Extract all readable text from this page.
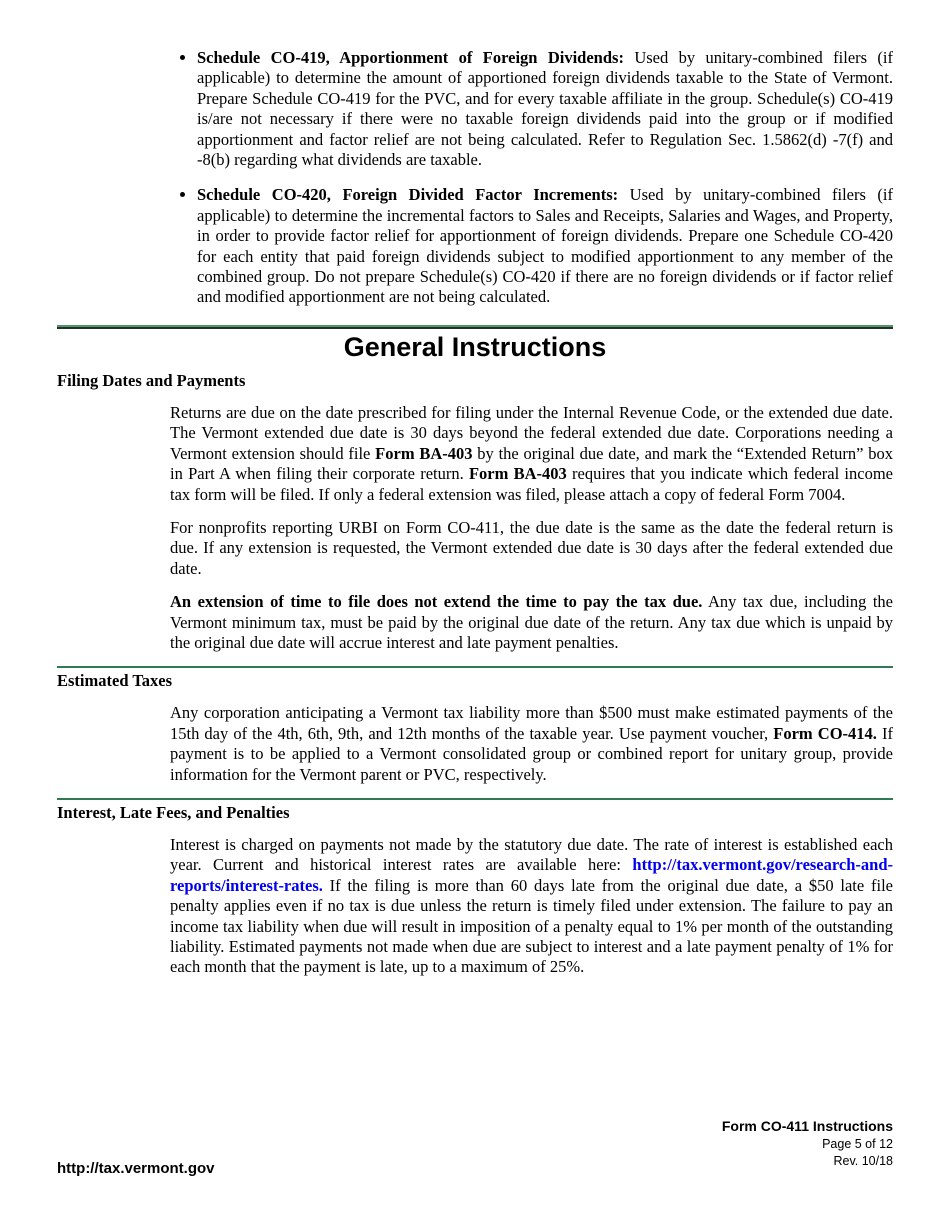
• Schedule CO-419, Apportionment of Foreign Dividends: Used by unitary-combined filers (if applicable) to determine the amount of apportioned foreign dividends taxable to the State of Vermont. Prepare Schedule CO-419 for the PVC, and for every taxable affiliate in the group. Schedule(s) CO-419 is/are not necessary if there were no taxable foreign dividends paid into the group or if modified apportionment and factor relief are not being calculated. Refer to Regulation Sec. 1.5862(d) -7(f) and -8(b) regarding what dividends are taxable.
• Schedule CO-420, Foreign Divided Factor Increments: Used by unitary-combined filers (if applicable) to determine the incremental factors to Sales and Receipts, Salaries and Wages, and Property, in order to provide factor relief for apportionment of foreign dividends. Prepare one Schedule CO-420 for each entity that paid foreign dividends subject to modified apportionment to any member of the combined group. Do not prepare Schedule(s) CO-420 if there are no foreign dividends or if factor relief and modified apportionment are not being calculated.
General Instructions
Filing Dates and Payments

Returns are due on the date prescribed for filing under the Internal Revenue Code, or the extended due date. The Vermont extended due date is 30 days beyond the federal extended due date. Corporations needing a Vermont extension should file Form BA-403 by the original due date, and mark the “Extended Return” box in Part A when filing their corporate return. Form BA-403 requires that you indicate which federal income tax form will be filed. If only a federal extension was filed, please attach a copy of federal Form 7004.

For nonprofits reporting URBI on Form CO-411, the due date is the same as the date the federal return is due. If any extension is requested, the Vermont extended due date is 30 days after the federal extended due date.

An extension of time to file does not extend the time to pay the tax due. Any tax due, including the Vermont minimum tax, must be paid by the original due date of the return. Any tax due which is unpaid by the original due date will accrue interest and late payment penalties.

Estimated Taxes

Any corporation anticipating a Vermont tax liability more than $500 must make estimated payments of the 15th day of the 4th, 6th, 9th, and 12th months of the taxable year. Use payment voucher, Form CO-414. If payment is to be applied to a Vermont consolidated group or combined report for unitary group, provide information for the Vermont parent or PVC, respectively.

Interest, Late Fees, and Penalties

Interest is charged on payments not made by the statutory due date. The rate of interest is established each year. Current and historical interest rates are available here: http://tax.vermont.gov/research-and-reports/interest-rates. If the filing is more than 60 days late from the original due date, a $50 late file penalty applies even if no tax is due unless the return is timely filed under extension. The failure to pay an income tax liability when due will result in imposition of a penalty equal to 1% per month of the outstanding liability. Estimated payments not made when due are subject to interest and a late payment penalty of 1% for each month that the payment is late, up to a maximum of 25%.

Form CO-411 Instructions
Page 5 of 12
Rev. 10/18
http://tax.vermont.gov
